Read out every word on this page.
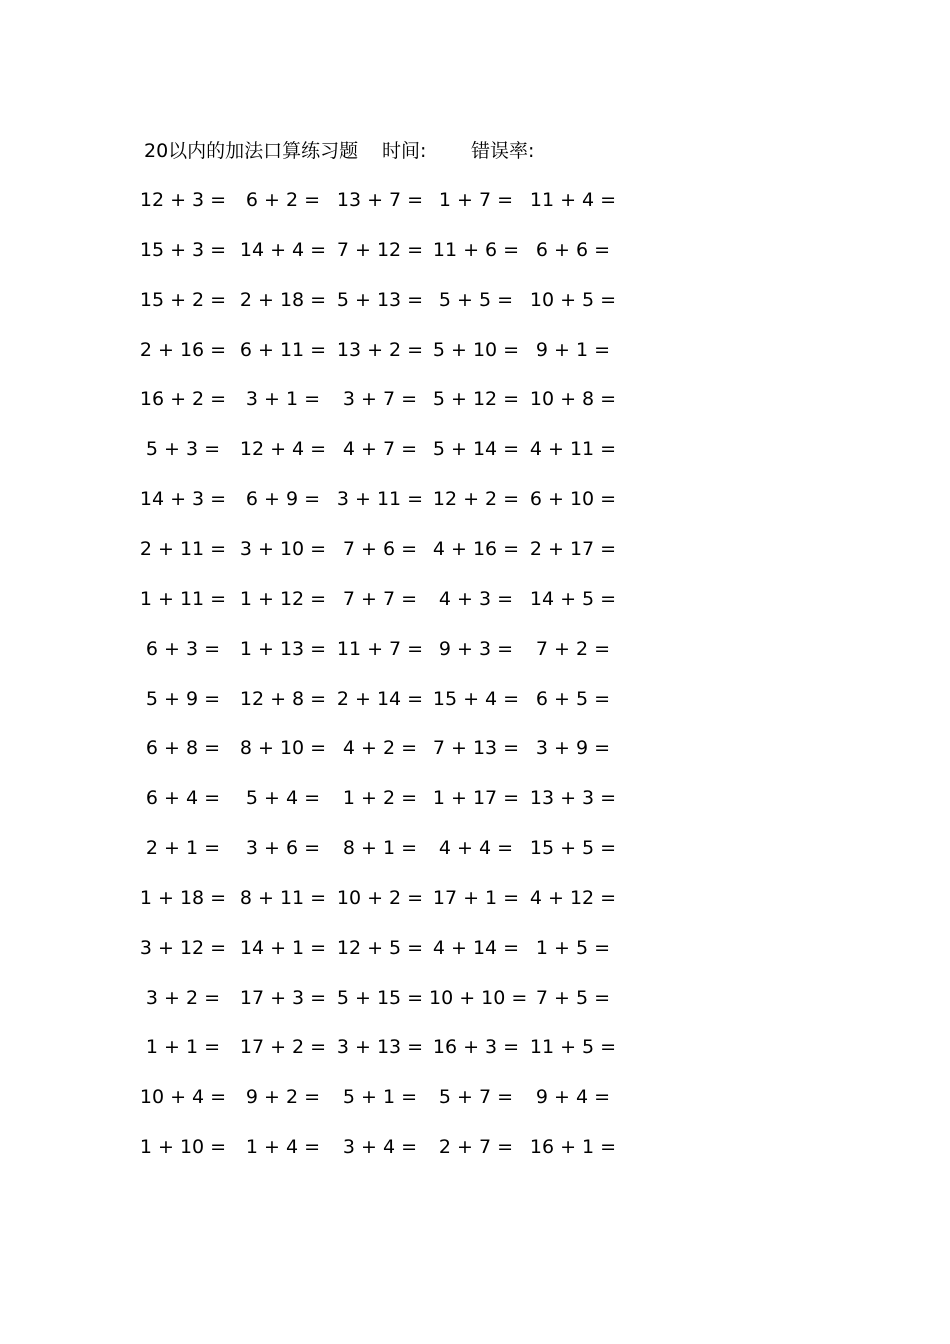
20以内的加法口算练习题 时间: 错误率:
12 + 3 =	6 + 2 = 13 + 7 = 1 + 7 = 11 + 4 =
15 + 3 = 14 + 4 = 7 + 12 = 11 + 6 = 6 + 6 =
15 + 2 = 2 + 18 = 5 + 13 = 5 + 5 = 10 + 5 =
2 + 16 = 6 + 11 = 13 + 2 = 5 + 10 = 9 + 1 =
16 + 2 =	3 + 1 =	3 + 7 = 5 + 12 = 10 + 8 =
5 + 3 =	12 + 4 = 4 + 7 = 5 + 14 = 4 + 11 =
14 + 3 =	6 + 9 = 3 + 11 = 12 + 2 = 6 + 10 =
2 + 11 = 3 + 10 = 7 + 6 = 4 + 16 = 2 + 17 =
1 + 11 = 1 + 12 = 7 + 7 =	4 + 3 = 14 + 5 =
6 + 3 =	1 + 13 = 11 + 7 = 9 + 3 =	7 + 2 =
5 + 9 =	12 + 8 = 2 + 14 = 15 + 4 = 6 + 5 =
6 + 8 =	8 + 10 = 4 + 2 = 7 + 13 = 3 + 9 =
6 + 4 =	5 + 4 =	1 + 2 = 1 + 17 = 13 + 3 =
2 + 1 =	3 + 6 =	8 + 1 =	4 + 4 = 15 + 5 =
1 + 18 = 8 + 11 = 10 + 2 = 17 + 1 = 4 + 12 =
3 + 12 = 14 + 1 = 12 + 5 = 4 + 14 = 1 + 5 =
3 + 2 =	17 + 3 = 5 + 15 = 10 + 10 = 7 + 5 =
1 + 1 =	17 + 2 = 3 + 13 = 16 + 3 = 11 + 5 =
10 + 4 =	9 + 2 =	5 + 1 =	5 + 7 =	9 + 4 =
1 + 10 =	1 + 4 =	3 + 4 =	2 + 7 = 16 + 1 =
